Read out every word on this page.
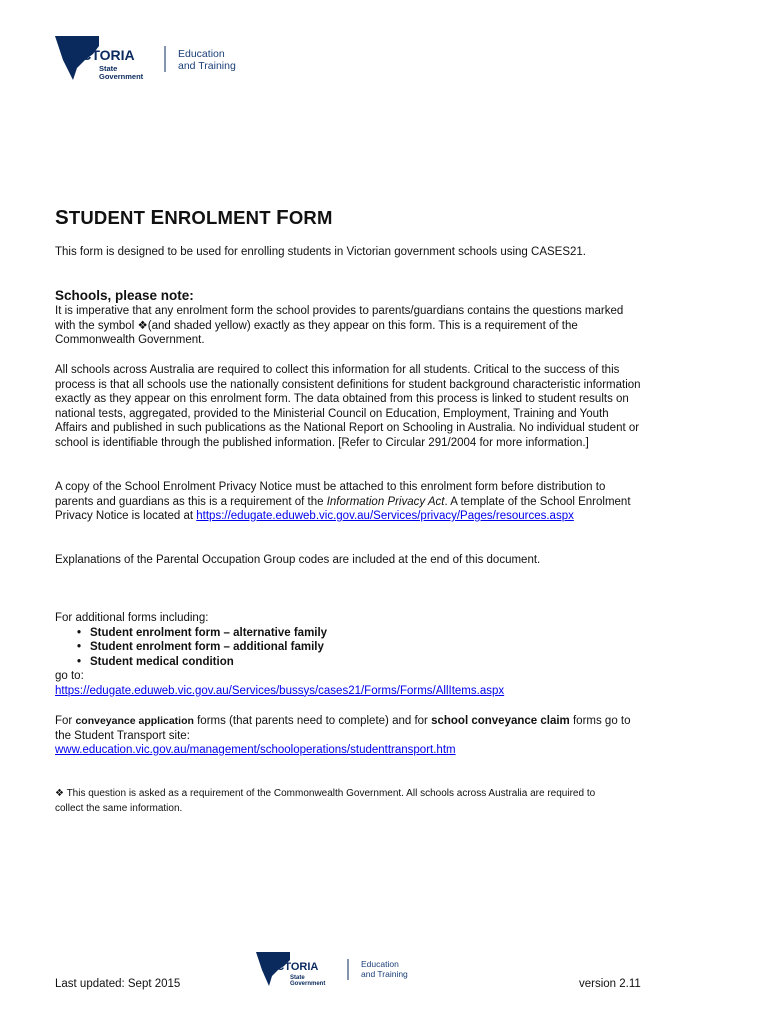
VICTORIA
State
Government
Education
and Training
STUDENT ENROLMENT FORM

This form is designed to be used for enrolling students in Victorian government schools using CASES21.

Schools, please note:

It is imperative that any enrolment form the school provides to parents/guardians contains the questions marked

with the symbol ❖(and shaded yellow) exactly as they appear on this form. This is a requirement of the

Commonwealth Government.

All schools across Australia are required to collect this information for all students. Critical to the success of this

process is that all schools use the nationally consistent definitions for student background characteristic information

exactly as they appear on this enrolment form. The data obtained from this process is linked to student results on

national tests, aggregated, provided to the Ministerial Council on Education, Employment, Training and Youth

Affairs and published in such publications as the National Report on Schooling in Australia. No individual student or

school is identifiable through the published information. [Refer to Circular 291/2004 for more information.]

A copy of the School Enrolment Privacy Notice must be attached to this enrolment form before distribution to

parents and guardians as this is a requirement of the Information Privacy Act. A template of the School Enrolment

Privacy Notice is located at https://edugate.eduweb.vic.gov.au/Services/privacy/Pages/resources.aspx

Explanations of the Parental Occupation Group codes are included at the end of this document.

For additional forms including:

• Student enrolment form – alternative family
• Student enrolment form – additional family
• Student medical condition

go to:

https://edugate.eduweb.vic.gov.au/Services/bussys/cases21/Forms/Forms/AllItems.aspx

For conveyance application forms (that parents need to complete) and for school conveyance claim forms go to

the Student Transport site:

www.education.vic.gov.au/management/schooloperations/studenttransport.htm

❖ This question is asked as a requirement of the Commonwealth Government. All schools across Australia are required to

collect the same information.

Last updated: Sept 2015
VICTORIA
State
Government
Education
and Training
version 2.11
